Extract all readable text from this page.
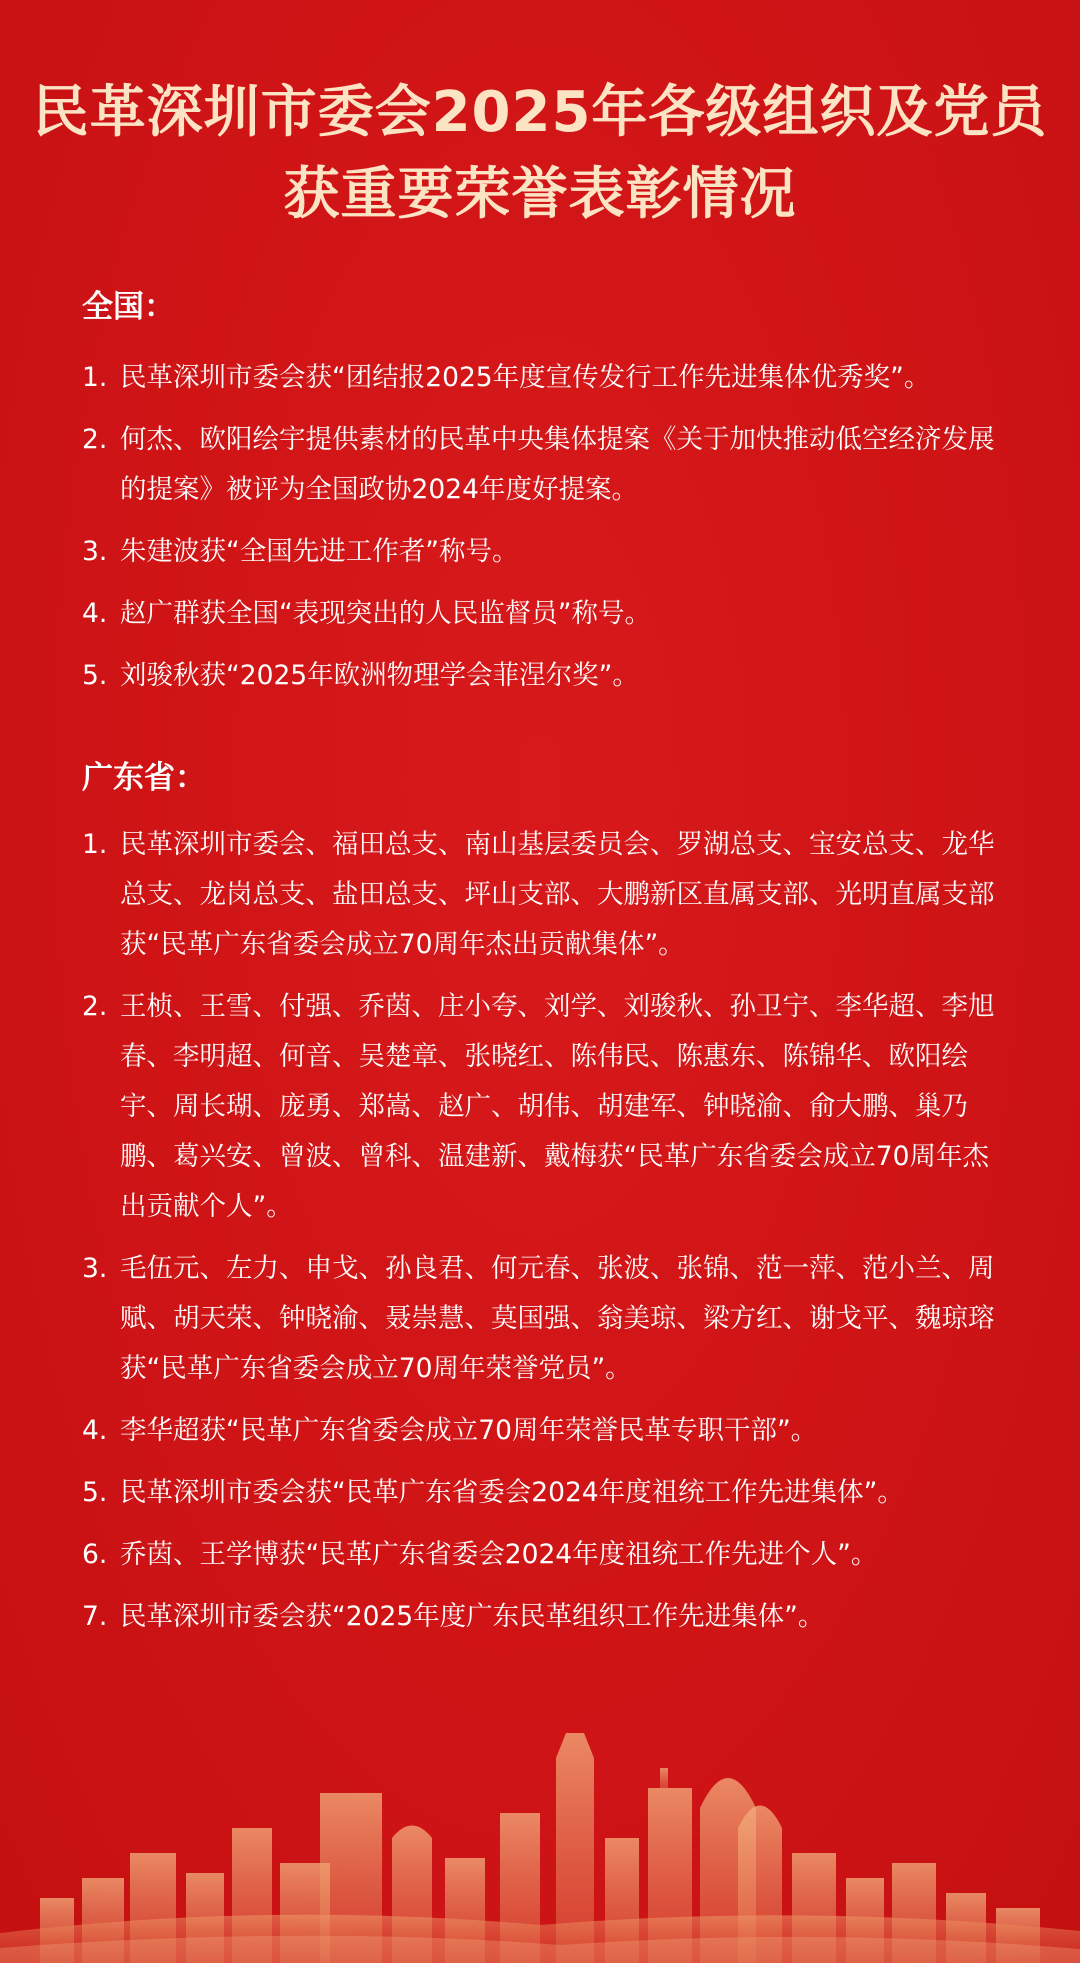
民革深圳市委会2025年各级组织及党员
获重要荣誉表彰情况
全国：
1. 民革深圳市委会获“团结报2025年度宣传发行工作先进集体优秀奖”。
2. 何杰、欧阳绘宇提供素材的民革中央集体提案《关于加快推动低空经济发展的提案》被评为全国政协2024年度好提案。
3. 朱建波获“全国先进工作者”称号。
4. 赵广群获全国“表现突出的人民监督员”称号。
5. 刘骏秋获“2025年欧洲物理学会菲涅尔奖”。
广东省：
1. 民革深圳市委会、福田总支、南山基层委员会、罗湖总支、宝安总支、龙华总支、龙岗总支、盐田总支、坪山支部、大鹏新区直属支部、光明直属支部获“民革广东省委会成立70周年杰出贡献集体”。
2. 王桢、王雪、付强、乔茵、庄小夸、刘学、刘骏秋、孙卫宁、李华超、李旭春、李明超、何音、吴楚章、张晓红、陈伟民、陈惠东、陈锦华、欧阳绘宇、周长瑚、庞勇、郑嵩、赵广、胡伟、胡建军、钟晓渝、俞大鹏、巢乃鹏、葛兴安、曾波、曾科、温建新、戴梅获“民革广东省委会成立70周年杰出贡献个人”。
3. 毛伍元、左力、申戈、孙良君、何元春、张波、张锦、范一萍、范小兰、周赋、胡天荣、钟晓渝、聂崇慧、莫国强、翁美琼、梁方红、谢戈平、魏琼瑢获“民革广东省委会成立70周年荣誉党员”。
4. 李华超获“民革广东省委会成立70周年荣誉民革专职干部”。
5. 民革深圳市委会获“民革广东省委会2024年度祖统工作先进集体”。
6. 乔茵、王学博获“民革广东省委会2024年度祖统工作先进个人”。
7. 民革深圳市委会获“2025年度广东民革组织工作先进集体”。
